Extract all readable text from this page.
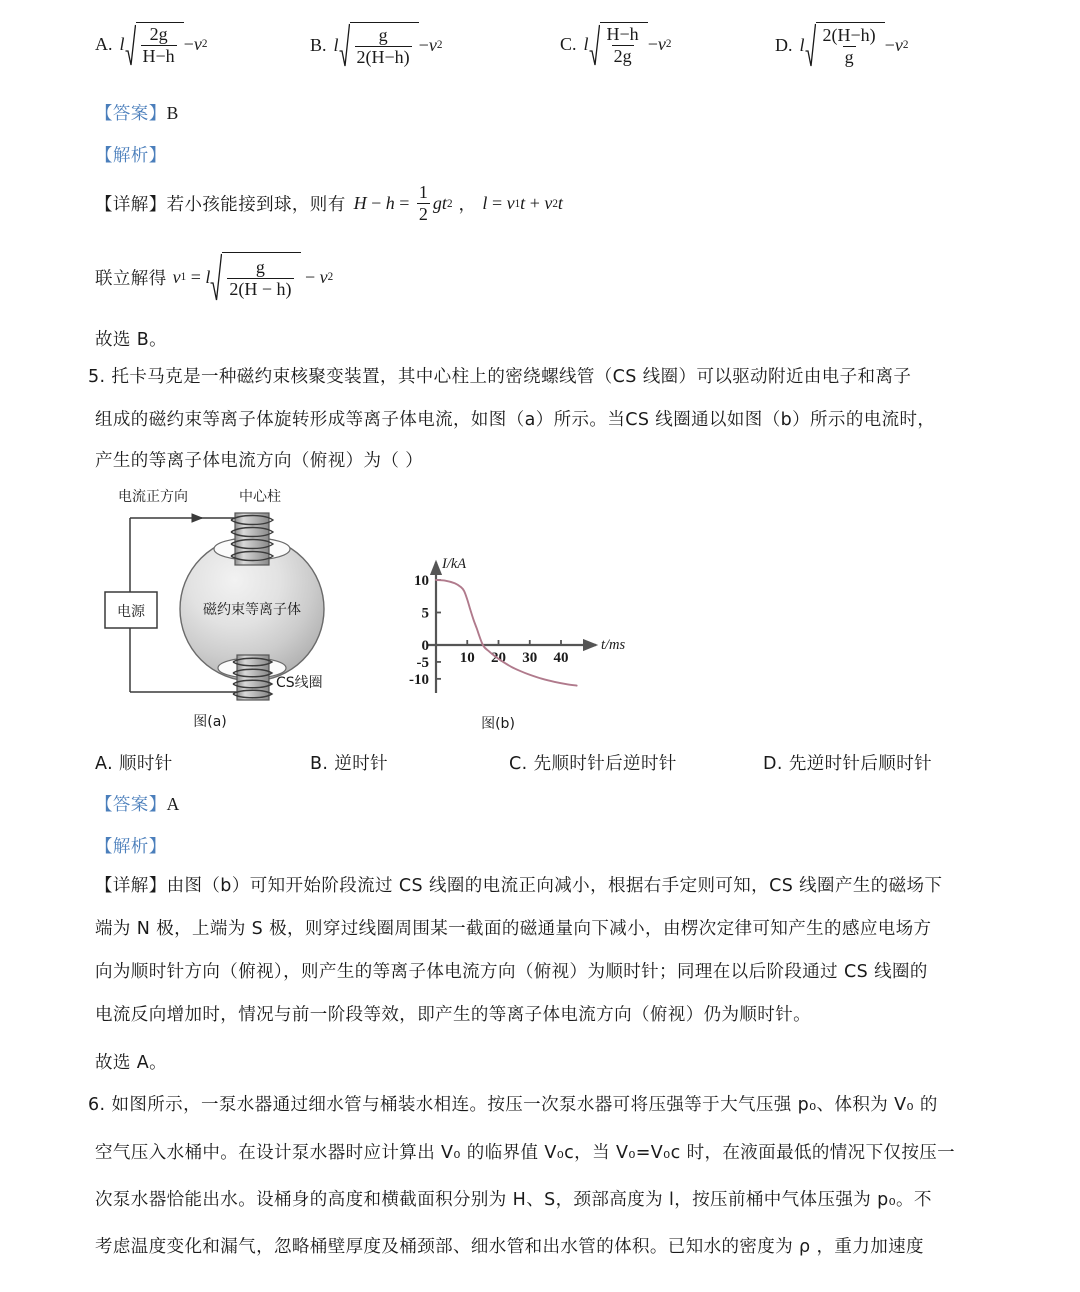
A. l $\frac{2g}{H-h} - v$ 2	B. l $\frac{g}{2(H-h)} - v$ 2	C. l $\frac{H-h}{2g} - v$ 2	D. l $\frac{2(H-h)}{g} - v$ 2
【答案】B
【解析】
【详解】 若小孩能接到球，则有 $H - h = \frac{1}{2}$ gt 2 ， l = v 1 t + v 2 t
联立解得 v 1 = l $\frac{g}{2(H - h)} - v$ 2
故选 B。
5. 托卡马克是一种磁约束核聚变装置，其中心柱上的密绕螺线管（CS 线圈）可以驱动附近由电子和离子
组成的磁约束等离子体旋转形成等离子体电流，如图（a）所示。当CS 线圈通以如图（b）所示的电流时，
产生的等离子体电流方向（俯视）为（ ）
电源	磁约束等离子体
电流正方向	中心柱
CS线圈
图(a)
I/kA
t/ms
10 20 30 40
10
5
0
-5
-10
图(b)
A. 顺时针	B. 逆时针	C. 先顺时针后逆时针	D. 先逆时针后顺时针
【答案】A
【解析】
【详解】由图（b）可知开始阶段流过 CS 线圈的电流正向减小，根据右手定则可知，CS 线圈产生的磁场下
端为 N 极，上端为 S 极，则穿过线圈周围某一截面的磁通量向下减小，由楞次定律可知产生的感应电场方
向为顺时针方向（俯视），则产生的等离子体电流方向（俯视）为顺时针；同理在以后阶段通过 CS 线圈的
电流反向增加时，情况与前一阶段等效，即产生的等离子体电流方向（俯视）仍为顺时针。
故选 A。
6. 如图所示，一泵水器通过细水管与桶装水相连。按压一次泵水器可将压强等于大气压强 p₀、体积为 V₀ 的
空气压入水桶中。在设计泵水器时应计算出 V₀ 的临界值 V₀c，当 V₀=V₀c 时，在液面最低的情况下仅按压一
次泵水器恰能出水。设桶身的高度和横截面积分别为 H、S，颈部高度为 l，按压前桶中气体压强为 p₀。不
考虑温度变化和漏气，忽略桶壁厚度及桶颈部、细水管和出水管的体积。已知水的密度为 ρ ，重力加速度
